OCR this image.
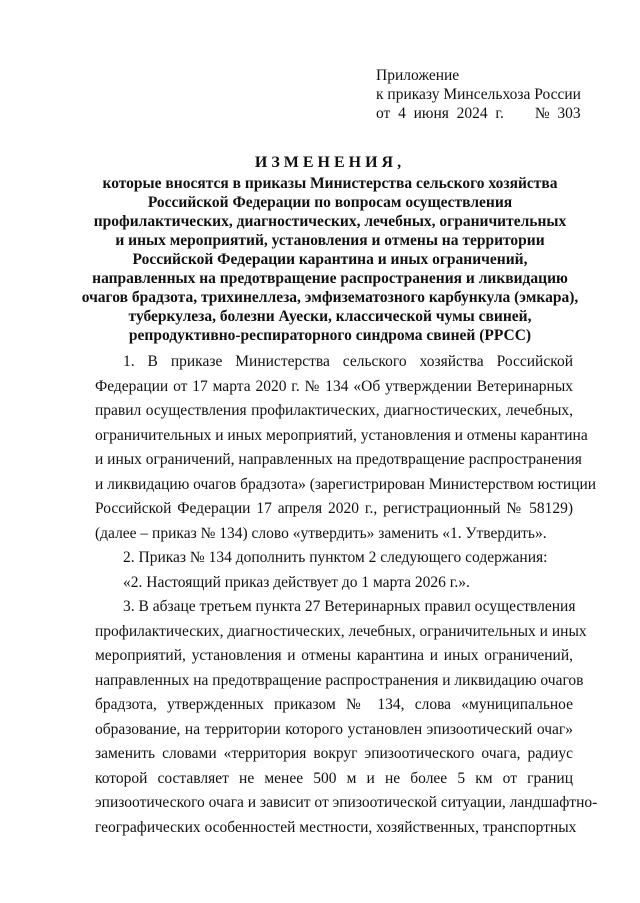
Приложение
к приказу Минсельхоза России
от  4  июня  2024  г.        №  303
ИЗМЕНЕНИЯ,
которые вносятся в приказы Министерства сельского хозяйства
Российской Федерации по вопросам осуществления
профилактических, диагностических, лечебных, ограничительных
и иных мероприятий, установления и отмены на территории
Российской Федерации карантина и иных ограничений,
направленных на предотвращение распространения и ликвидацию
очагов брадзота, трихинеллеза, эмфизематозного карбункула (эмкара),
туберкулеза, болезни Ауески, классической чумы свиней,
репродуктивно-респираторного синдрома свиней (РРСС)
1. В приказе Министерства сельского хозяйства Российской
Федерации от 17 марта 2020 г. № 134 «Об утверждении Ветеринарных
правил осуществления профилактических, диагностических, лечебных,
ограничительных и иных мероприятий, установления и отмены карантина
и иных ограничений, направленных на предотвращение распространения
и ликвидацию очагов брадзота» (зарегистрирован Министерством юстиции
Российской Федерации 17 апреля 2020 г., регистрационный № 58129)
(далее – приказ № 134) слово «утвердить» заменить «1. Утвердить».
2. Приказ № 134 дополнить пунктом 2 следующего содержания:
«2. Настоящий приказ действует до 1 марта 2026 г.».
3. В абзаце третьем пункта 27 Ветеринарных правил осуществления
профилактических, диагностических, лечебных, ограничительных и иных
мероприятий, установления и отмены карантина и иных ограничений,
направленных на предотвращение распространения и ликвидацию очагов
брадзота, утвержденных приказом № 134, слова «муниципальное
образование, на территории которого установлен эпизоотический очаг»
заменить словами «территория вокруг эпизоотического очага, радиус
которой составляет не менее 500 м и не более 5 км от границ
эпизоотического очага и зависит от эпизоотической ситуации, ландшафтно-
географических особенностей местности, хозяйственных, транспортных
